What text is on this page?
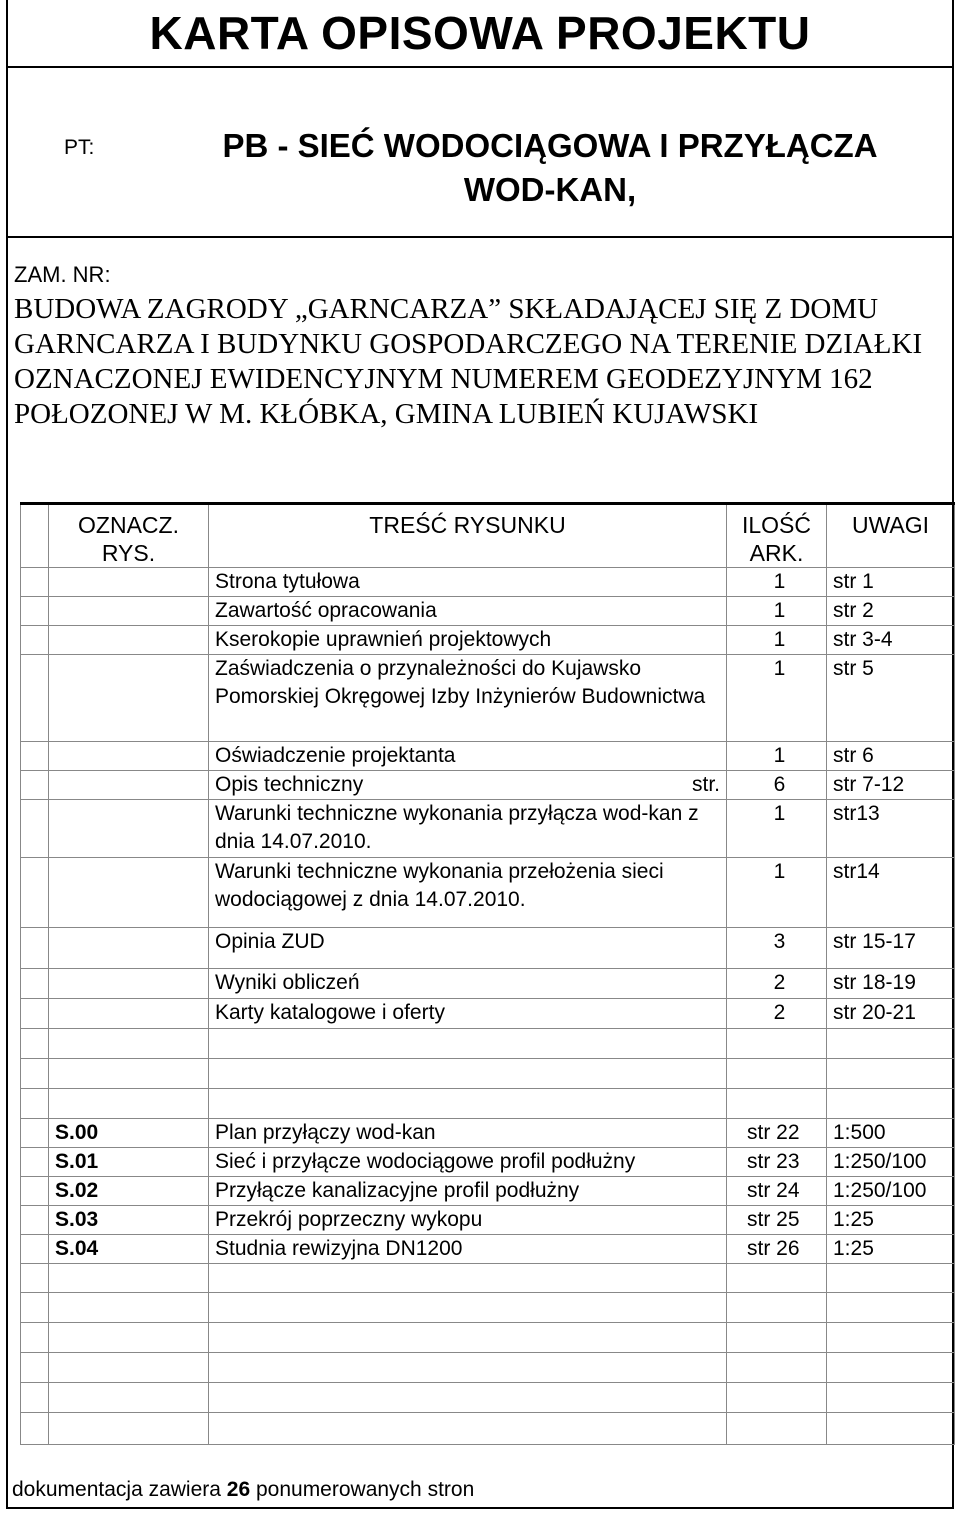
KARTA OPISOWA PROJEKTU
PT:	PB - SIEĆ WODOCIĄGOWA I PRZYŁĄCZA
WOD-KAN,
ZAM. NR:
BUDOWA ZAGRODY „GARNCARZA” SKŁADAJĄCEJ SIĘ Z DOMU GARNCARZA I BUDYNKU GOSPODARCZEGO NA TERENIE DZIAŁKI OZNACZONEJ EWIDENCYJNYM NUMEREM GEODEZYJNYM 162 POŁOZONEJ W M. KŁÓBKA, GMINA LUBIEŃ KUJAWSKI
	OZNACZ. RYS.	TREŚĆ RYSUNKU	ILOŚĆ ARK.	UWAGI
		Strona tytułowa	1	str 1
		Zawartość opracowania	1	str 2
		Kserokopie uprawnień projektowych	1	str 3-4
		Zaświadczenia o przynależności do Kujawsko Pomorskiej Okręgowej Izby Inżynierów Budownictwa	1	str 5
		Oświadczenie projektanta	1	str 6
		Opis techniczny str.	6	str 7-12
		Warunki techniczne wykonania przyłącza wod-kan z dnia 14.07.2010.	1	str13
		Warunki techniczne wykonania przełożenia sieci wodociągowej z dnia 14.07.2010.	1	str14
		Opinia ZUD	3	str 15-17
		Wyniki obliczeń	2	str 18-19
		Karty katalogowe i oferty	2	str 20-21

	S.00	Plan przyłączy wod-kan	str 22	1:500
	S.01	Sieć i przyłącze wodociągowe profil podłużny	str 23	1:250/100
	S.02	Przyłącze kanalizacyjne profil podłużny	str 24	1:250/100
	S.03	Przekrój poprzeczny wykopu	str 25	1:25
	S.04	Studnia rewizyjna DN1200	str 26	1:25

dokumentacja zawiera 26 ponumerowanych stron
